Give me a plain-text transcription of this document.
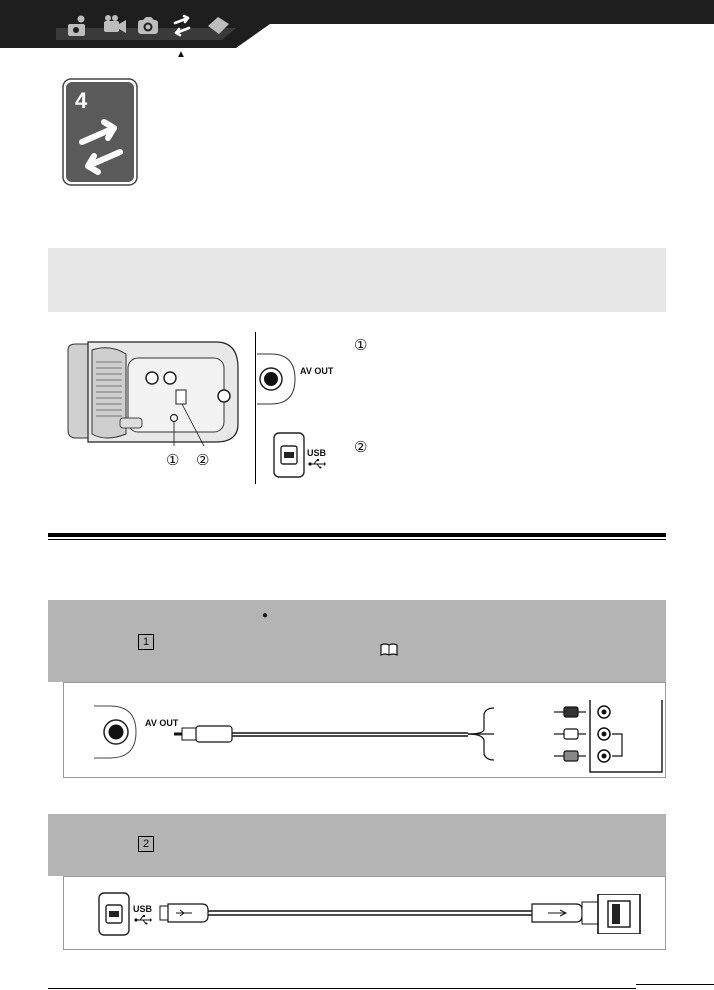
▲
4
① ②
①
AV OUT
②
USB
●
1
AV OUT
2
USB
